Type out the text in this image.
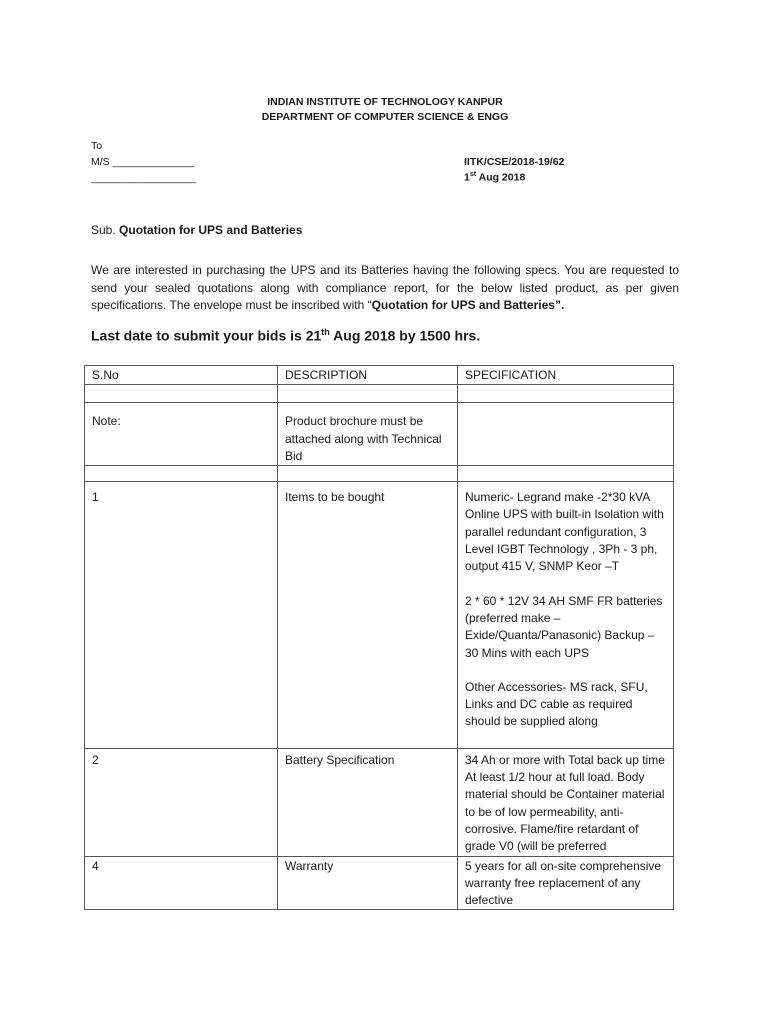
INDIAN INSTITUTE OF TECHNOLOGY KANPUR
DEPARTMENT OF COMPUTER SCIENCE & ENGG
To
M/S ______________
__________________
IITK/CSE/2018-19/62
1st Aug 2018
Sub. Quotation for UPS and Batteries
We are interested in purchasing the UPS and its Batteries having the following specs. You are requested to send your sealed quotations along with compliance report, for the below listed product, as per given specifications. The envelope must be inscribed with “Quotation for UPS and Batteries”.
Last date to submit your bids is 21th Aug 2018 by 1500 hrs.
S.No	DESCRIPTION	SPECIFICATION

Note:	Product brochure must be attached along with Technical Bid	

1	Items to be bought	Numeric- Legrand make -2*30 kVA Online UPS with built-in Isolation with parallel redundant configuration, 3 Level IGBT Technology , 3Ph - 3 ph, output 415 V, SNMP Keor –T

2 * 60 * 12V 34 AH SMF FR batteries (preferred make – Exide/Quanta/Panasonic) Backup – 30 Mins with each UPS

Other Accessories- MS rack, SFU, Links and DC cable as required should be supplied along

2	Battery Specification	34 Ah or more with Total back up time At least 1/2 hour at full load. Body material should be Container material to be of low permeability, anti-corrosive. Flame/fire retardant of grade V0 (will be preferred
4	Warranty	5 years for all on-site comprehensive warranty free replacement of any defective
